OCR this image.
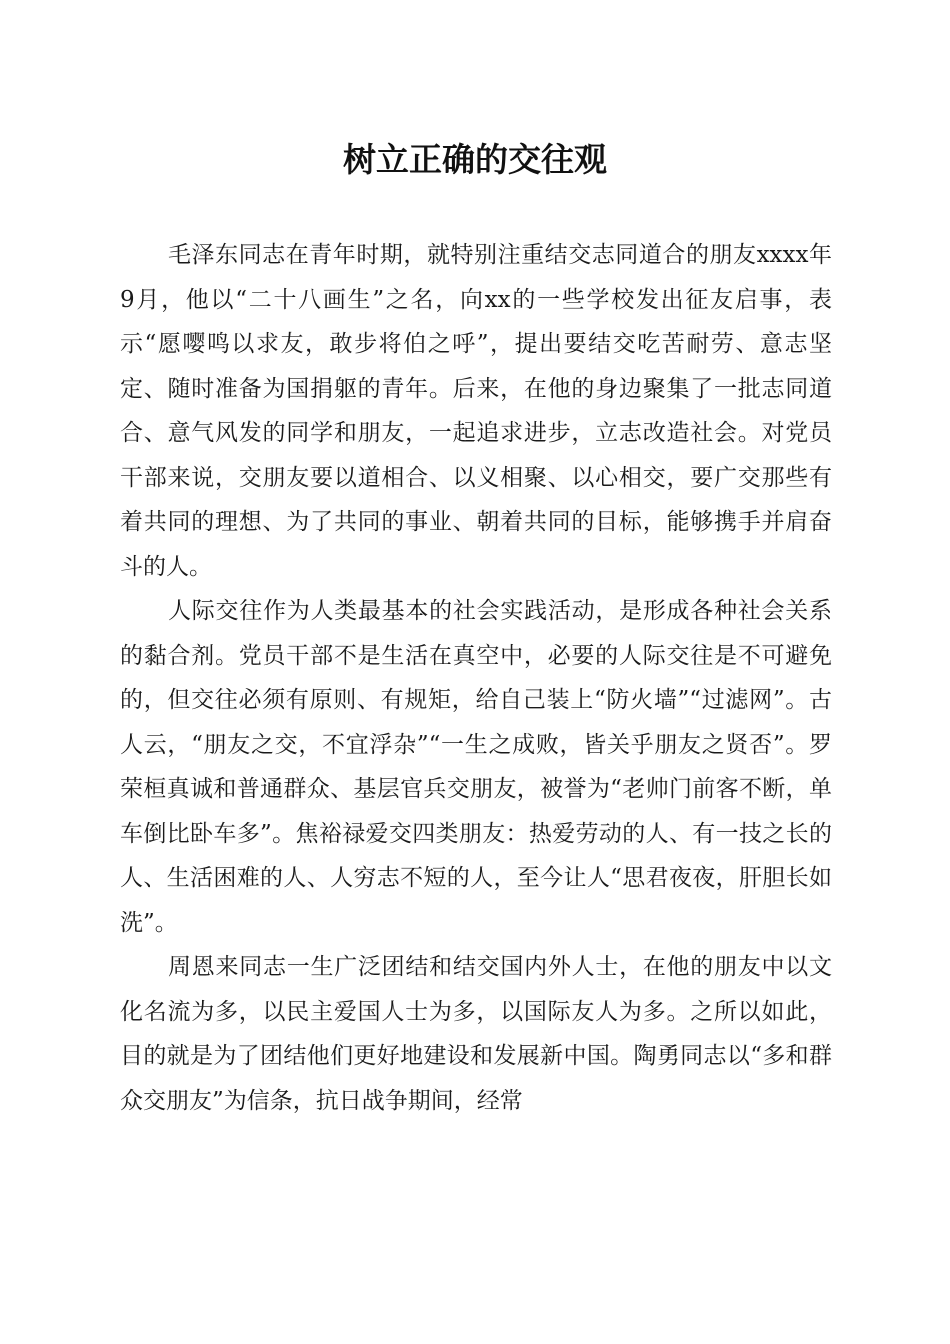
树立正确的交往观

毛泽东同志在青年时期，就特别注重结交志同道合的朋友xxxx年9月，他以“二十八画生”之名，向xx的一些学校发出征友启事，表示“愿嘤鸣以求友，敢步将伯之呼”，提出要结交吃苦耐劳、意志坚定、随时准备为国捐躯的青年。后来，在他的身边聚集了一批志同道合、意气风发的同学和朋友，一起追求进步，立志改造社会。对党员干部来说，交朋友要以道相合、以义相聚、以心相交，要广交那些有着共同的理想、为了共同的事业、朝着共同的目标，能够携手并肩奋斗的人。

人际交往作为人类最基本的社会实践活动，是形成各种社会关系的黏合剂。党员干部不是生活在真空中，必要的人际交往是不可避免的，但交往必须有原则、有规矩，给自己装上“防火墙”“过滤网”。古人云，“朋友之交，不宜浮杂”“一生之成败，皆关乎朋友之贤否”。罗荣桓真诚和普通群众、基层官兵交朋友，被誉为“老帅门前客不断，单车倒比卧车多”。焦裕禄爱交四类朋友：热爱劳动的人、有一技之长的人、生活困难的人、人穷志不短的人，至今让人“思君夜夜，肝胆长如洗”。

周恩来同志一生广泛团结和结交国内外人士，在他的朋友中以文化名流为多，以民主爱国人士为多，以国际友人为多。之所以如此，目的就是为了团结他们更好地建设和发展新中国。陶勇同志以“多和群众交朋友”为信条，抗日战争期间，经常
